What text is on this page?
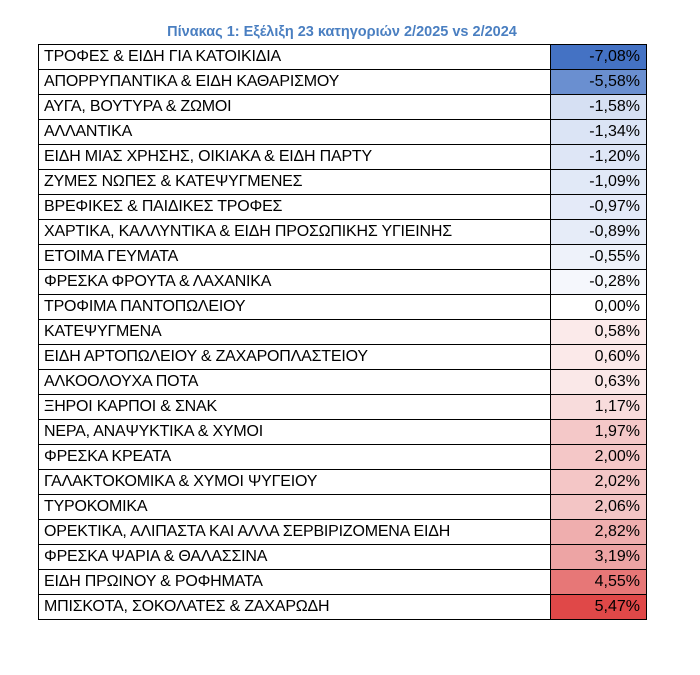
Πίνακας 1: Εξέλιξη 23 κατηγοριών 2/2025 vs 2/2024
ΤΡΟΦΕΣ & ΕΙΔΗ ΓΙΑ ΚΑΤΟΙΚΙΔΙΑ	-7,08%
ΑΠΟΡΡΥΠΑΝΤΙΚΑ & ΕΙΔΗ ΚΑΘΑΡΙΣΜΟΥ	-5,58%
ΑΥΓΑ, ΒΟΥΤΥΡΑ & ΖΩΜΟΙ	-1,58%
ΑΛΛΑΝΤΙΚΑ	-1,34%
ΕΙΔΗ ΜΙΑΣ ΧΡΗΣΗΣ, ΟΙΚΙΑΚΑ & ΕΙΔΗ ΠΑΡΤΥ	-1,20%
ΖΥΜΕΣ ΝΩΠΕΣ & ΚΑΤΕΨΥΓΜΕΝΕΣ	-1,09%
ΒΡΕΦΙΚΕΣ & ΠΑΙΔΙΚΕΣ ΤΡΟΦΕΣ	-0,97%
ΧΑΡΤΙΚΑ, ΚΑΛΛΥΝΤΙΚΑ & ΕΙΔΗ ΠΡΟΣΩΠΙΚΗΣ ΥΓΙΕΙΝΗΣ	-0,89%
ΕΤΟΙΜΑ ΓΕΥΜΑΤΑ	-0,55%
ΦΡΕΣΚΑ ΦΡΟΥΤΑ & ΛΑΧΑΝΙΚΑ	-0,28%
ΤΡΟΦΙΜΑ ΠΑΝΤΟΠΩΛΕΙΟΥ	0,00%
ΚΑΤΕΨΥΓΜΕΝΑ	0,58%
ΕΙΔΗ ΑΡΤΟΠΩΛΕΙΟΥ & ΖΑΧΑΡΟΠΛΑΣΤΕΙΟΥ	0,60%
ΑΛΚΟΟΛΟΥΧΑ ΠΟΤΑ	0,63%
ΞΗΡΟΙ ΚΑΡΠΟΙ & ΣΝΑΚ	1,17%
ΝΕΡΑ, ΑΝΑΨΥΚΤΙΚΑ & ΧΥΜΟΙ	1,97%
ΦΡΕΣΚΑ ΚΡΕΑΤΑ	2,00%
ΓΑΛΑΚΤΟΚΟΜΙΚΑ & ΧΥΜΟΙ ΨΥΓΕΙΟΥ	2,02%
ΤΥΡΟΚΟΜΙΚΑ	2,06%
ΟΡΕΚΤΙΚΑ, ΑΛΙΠΑΣΤΑ ΚΑΙ ΑΛΛΑ ΣΕΡΒΙΡΙΖΟΜΕΝΑ ΕΙΔΗ	2,82%
ΦΡΕΣΚΑ ΨΑΡΙΑ & ΘΑΛΑΣΣΙΝΑ	3,19%
ΕΙΔΗ ΠΡΩΙΝΟΥ & ΡΟΦΗΜΑΤΑ	4,55%
ΜΠΙΣΚΟΤΑ, ΣΟΚΟΛΑΤΕΣ & ΖΑΧΑΡΩΔΗ	5,47%
